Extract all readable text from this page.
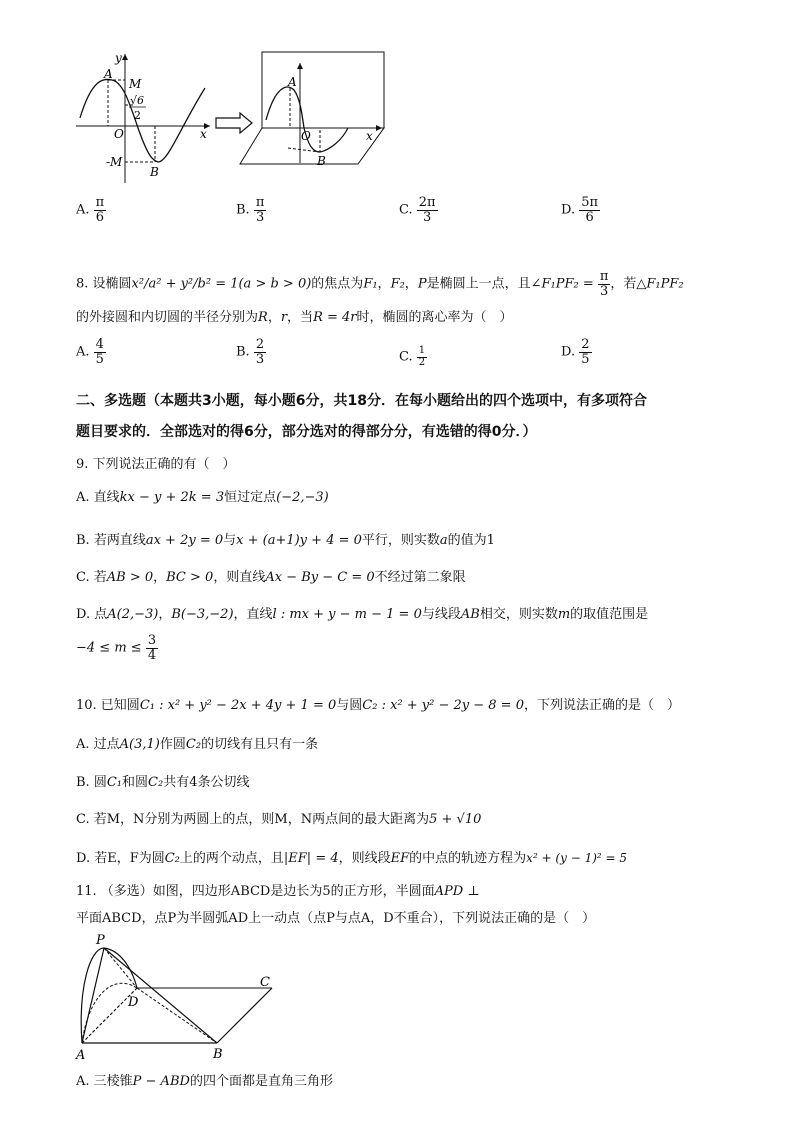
y
x
A
M
√6
2
O
-M
B
A
O	x
B
A. $\frac{\pi}{6}$	B. $\frac{\pi}{3}$	C. $\frac{2\pi}{3}$	D. $\frac{5\pi}{6}$
8. 设椭圆x²/a² + y²/b² = 1(a > b > 0)的焦点为F₁，F₂，P是椭圆上一点，且∠F₁PF₂ = $\frac{\pi}{3}$ ，若△F₁PF₂
的外接圆和内切圆的半径分别为R，r，当R = 4r时，椭圆的离心率为（　）
A. $\frac{4}{5}$	B. $\frac{2}{3}$	C. $\frac{1}{2}$	D. $\frac{2}{5}$
二、多选题（本题共3小题，每小题6分，共18分．在每小题给出的四个选项中，有多项符合
题目要求的．全部选对的得6分，部分选对的得部分分，有选错的得0分．）
9. 下列说法正确的有（　）
A. 直线kx − y + 2k = 3恒过定点(−2,−3)
B. 若两直线ax + 2y = 0与x + (a+1)y + 4 = 0平行，则实数a的值为1
C. 若AB > 0，BC > 0，则直线Ax − By − C = 0不经过第二象限
D. 点A(2,−3)，B(−3,−2)，直线l : mx + y − m − 1 = 0与线段AB相交，则实数m的取值范围是
$-4 \le m \le \frac{3}{4}$
10. 已知圆C₁ : x² + y² − 2x + 4y + 1 = 0与圆C₂ : x² + y² − 2y − 8 = 0，下列说法正确的是（　）
A. 过点A(3,1)作圆C₂的切线有且只有一条
B. 圆C₁和圆C₂共有4条公切线
C. 若M，N分别为两圆上的点，则M，N两点间的最大距离为5 + √10
D. 若E，F为圆C₂上的两个动点，且|EF| = 4，则线段EF的中点的轨迹方程为x² + (y − 1)² = 5
11. （多选）如图，四边形ABCD是边长为5的正方形，半圆面APD ⊥
平面ABCD，点P为半圆弧AD上一动点（点P与点A，D不重合），下列说法正确的是（　）
P
D
C
A	B
A. 三棱锥P − ABD的四个面都是直角三角形
